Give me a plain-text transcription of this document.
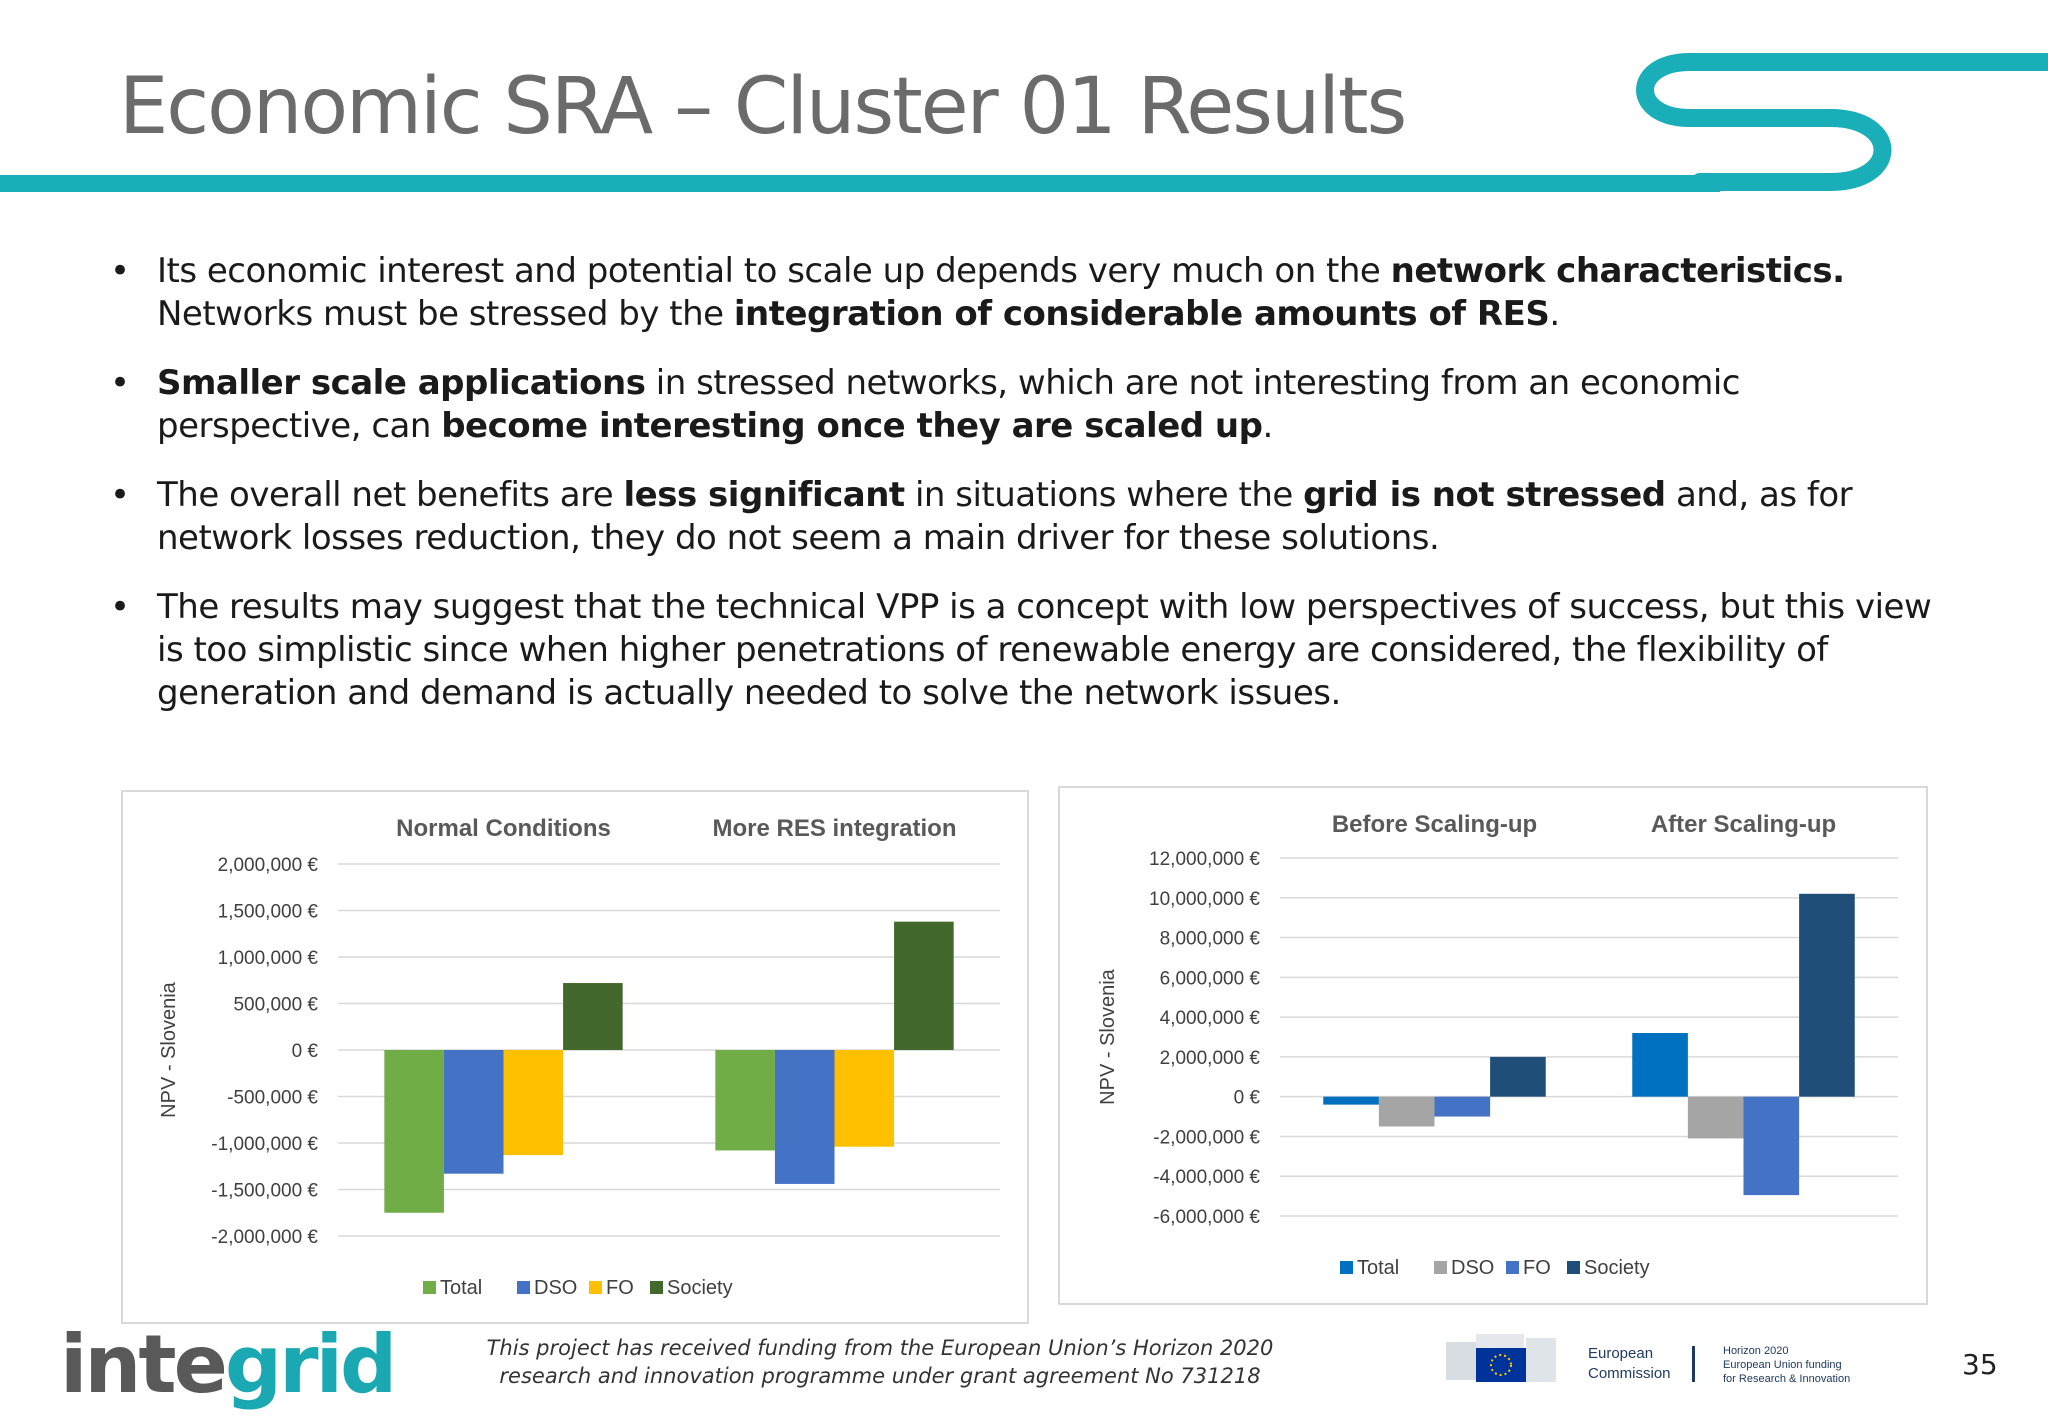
Economic SRA – Cluster 01 Results
• Its economic interest and potential to scale up depends very much on the network characteristics. Networks must be stressed by the integration of considerable amounts of RES.
• Smaller scale applications in stressed networks, which are not interesting from an economic perspective, can become interesting once they are scaled up.
• The overall net benefits are less significant in situations where the grid is not stressed and, as for network losses reduction, they do not seem a main driver for these solutions.
• The results may suggest that the technical VPP is a concept with low perspectives of success, but this view is too simplistic since when higher penetrations of renewable energy are considered, the flexibility of generation and demand is actually needed to solve the network issues.
2,000,000 €
1,500,000 €
1,000,000 €
500,000 €
0 €
-500,000 €
-1,000,000 €
-1,500,000 €
-2,000,000 €
NPV - Slovenia
Normal Conditions	More RES integration
Total	DSO FO Society
12,000,000 €
10,000,000 €
8,000,000 €
6,000,000 €
4,000,000 €
2,000,000 €
0 €
-2,000,000 €
-4,000,000 €
-6,000,000 €
NPV - Slovenia
Before Scaling-up	After Scaling-up
Total	DSO FO Society
integrid	This project has received funding from the European Union’s Horizon 2020
research and innovation programme under grant agreement No 731218
European
Commission
Horizon 2020
European Union funding
for Research & Innovation	35
